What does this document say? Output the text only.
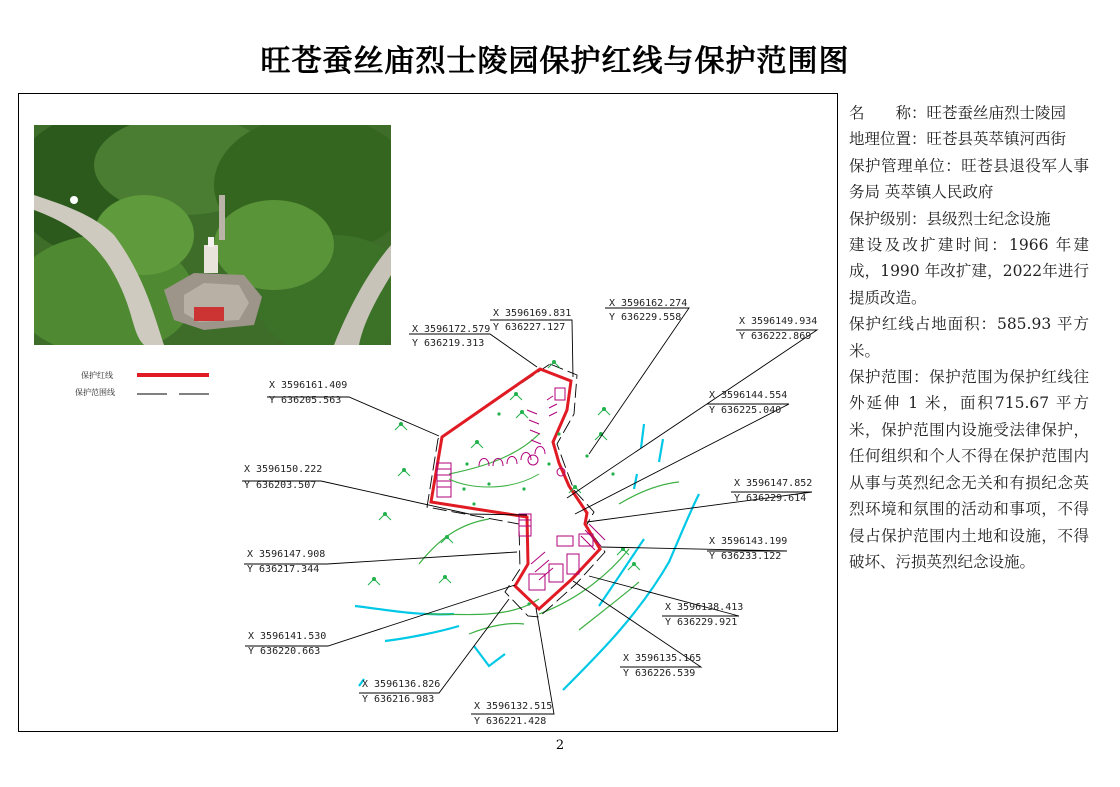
旺苍蚕丝庙烈士陵园保护红线与保护范围图
保护红线
保护范围线
X 3596169.831
Y 636227.127
X 3596162.274
Y 636229.558
X 3596172.579
Y 636219.313
X 3596149.934
Y 636222.869
X 3596161.409
Y 636205.563	X 3596144.554
Y 636225.040
X 3596150.222
Y 636203.507	X 3596147.852
Y 636229.614
X 3596147.908
Y 636217.344
X 3596143.199
Y 636233.122
X 3596138.413
Y 636229.921
X 3596141.530
Y 636220.663
X 3596135.165
Y 636226.539
X 3596136.826
Y 636216.983
X 3596132.515
Y 636221.428

名　　称：旺苍蚕丝庙烈士陵园

地理位置：旺苍县英萃镇河西街

保护管理单位：旺苍县退役军人事务局 英萃镇人民政府

保护级别：县级烈士纪念设施

建设及改扩建时间：1966 年建成，1990 年改扩建，2022年进行提质改造。

保护红线占地面积：585.93 平方米。

保护范围：保护范围为保护红线往外延伸 1 米，面积715.67 平方米，保护范围内设施受法律保护，任何组织和个人不得在保护范围内从事与英烈纪念无关和有损纪念英烈环境和氛围的活动和事项，不得侵占保护范围内土地和设施，不得破坏、污损英烈纪念设施。

2
